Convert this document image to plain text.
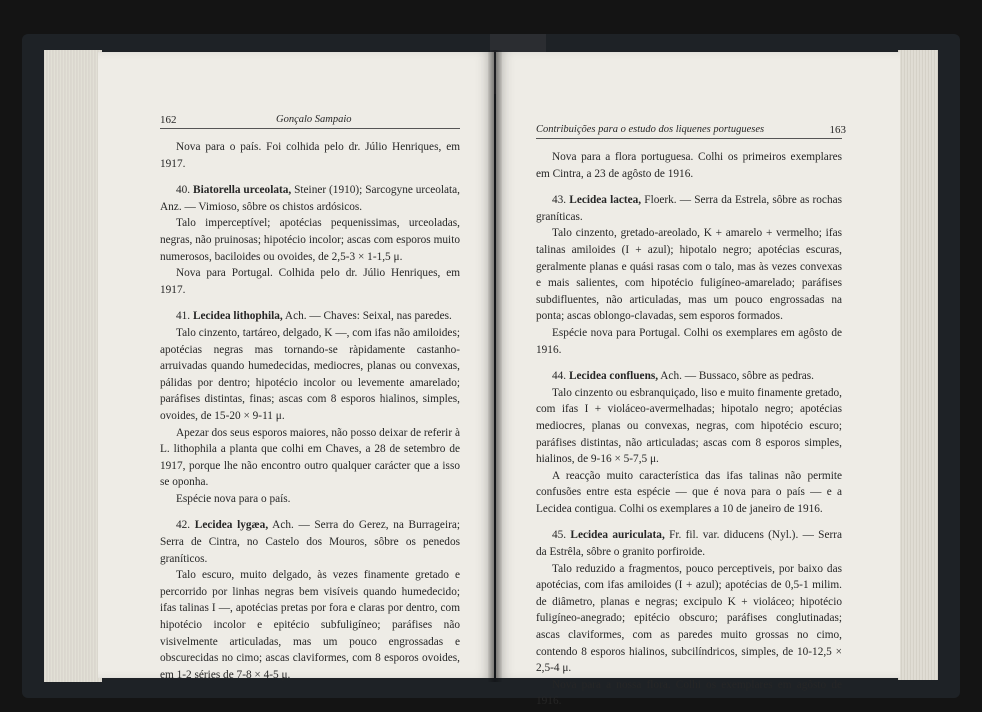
162	Gonçalo Sampaio

Nova para o país. Foi colhida pelo dr. Júlio Henriques, em 1917.

40. Biatorella urceolata, Steiner (1910); Sarcogyne urceolata, Anz. — Vimioso, sôbre os chistos ardósicos.

Talo imperceptível; apotécias pequenissimas, urceoladas, negras, não pruinosas; hipotécio incolor; ascas com esporos muito numerosos, baciloides ou ovoides, de 2,5-3 × 1-1,5 μ.

Nova para Portugal. Colhida pelo dr. Júlio Henriques, em 1917.

41. Lecidea lithophila, Ach. — Chaves: Seixal, nas paredes.

Talo cinzento, tartáreo, delgado, K —, com ifas não amiloides; apotécias negras mas tornando-se ràpidamente castanho-arruivadas quando humedecidas, mediocres, planas ou convexas, pálidas por dentro; hipotécio incolor ou levemente amarelado; paráfises distintas, finas; ascas com 8 esporos hialinos, simples, ovoides, de 15-20 × 9-11 μ.

Apezar dos seus esporos maiores, não posso deixar de referir à L. lithophila a planta que colhi em Chaves, a 28 de setembro de 1917, porque lhe não encontro outro qualquer carácter que a isso se oponha.

Espécie nova para o país.

42. Lecidea lygæa, Ach. — Serra do Gerez, na Burrageira; Serra de Cintra, no Castelo dos Mouros, sôbre os penedos graníticos.

Talo escuro, muito delgado, às vezes finamente gretado e percorrido por linhas negras bem visíveis quando humedecido; ifas talinas I —, apotécias pretas por fora e claras por dentro, com hipotécio incolor e epitécio subfuligíneo; paráfises não visivelmente articuladas, mas um pouco engrossadas e obscurecidas no cimo; ascas claviformes, com 8 esporos ovoides, em 1-2 séries de 7-8 × 4-5 μ.

Contribuições para o estudo dos liquenes portugueses	163

Nova para a flora portuguesa. Colhi os primeiros exemplares em Cintra, a 23 de agôsto de 1916.

43. Lecidea lactea, Floerk. — Serra da Estrela, sôbre as rochas graníticas.

Talo cinzento, gretado-areolado, K + amarelo + vermelho; ifas talinas amiloides (I + azul); hipotalo negro; apotécias escuras, geralmente planas e quási rasas com o talo, mas às vezes convexas e mais salientes, com hipotécio fuligíneo-amarelado; paráfises subdifluentes, não articuladas, mas um pouco engrossadas na ponta; ascas oblongo-clavadas, sem esporos formados.

Espécie nova para Portugal. Colhi os exemplares em agôsto de 1916.

44. Lecidea confluens, Ach. — Bussaco, sôbre as pedras.

Talo cinzento ou esbranquiçado, liso e muito finamente gretado, com ifas I + violáceo-avermelhadas; hipotalo negro; apotécias mediocres, planas ou convexas, negras, com hipotécio escuro; paráfises distintas, não articuladas; ascas com 8 esporos simples, hialinos, de 9-16 × 5-7,5 μ.

A reacção muito característica das ifas talinas não permite confusões entre esta espécie — que é nova para o país — e a Lecidea contigua. Colhi os exemplares a 10 de janeiro de 1916.

45. Lecidea auriculata, Fr. fil. var. diducens (Nyl.). — Serra da Estrêla, sôbre o granito porfiroide.

Talo reduzido a fragmentos, pouco perceptiveis, por baixo das apotécias, com ifas amiloides (I + azul); apotécias de 0,5-1 milim. de diâmetro, planas e negras; excipulo K + violáceo; hipotécio fuligíneo-anegrado; epitécio obscuro; paráfises conglutinadas; ascas claviformes, com as paredes muito grossas no cimo, contendo 8 esporos hialinos, subcilíndricos, simples, de 10-12,5 × 2,5-4 μ.

Nova para a nossa flora. Colhi os exemplares em agôsto de 1916.
